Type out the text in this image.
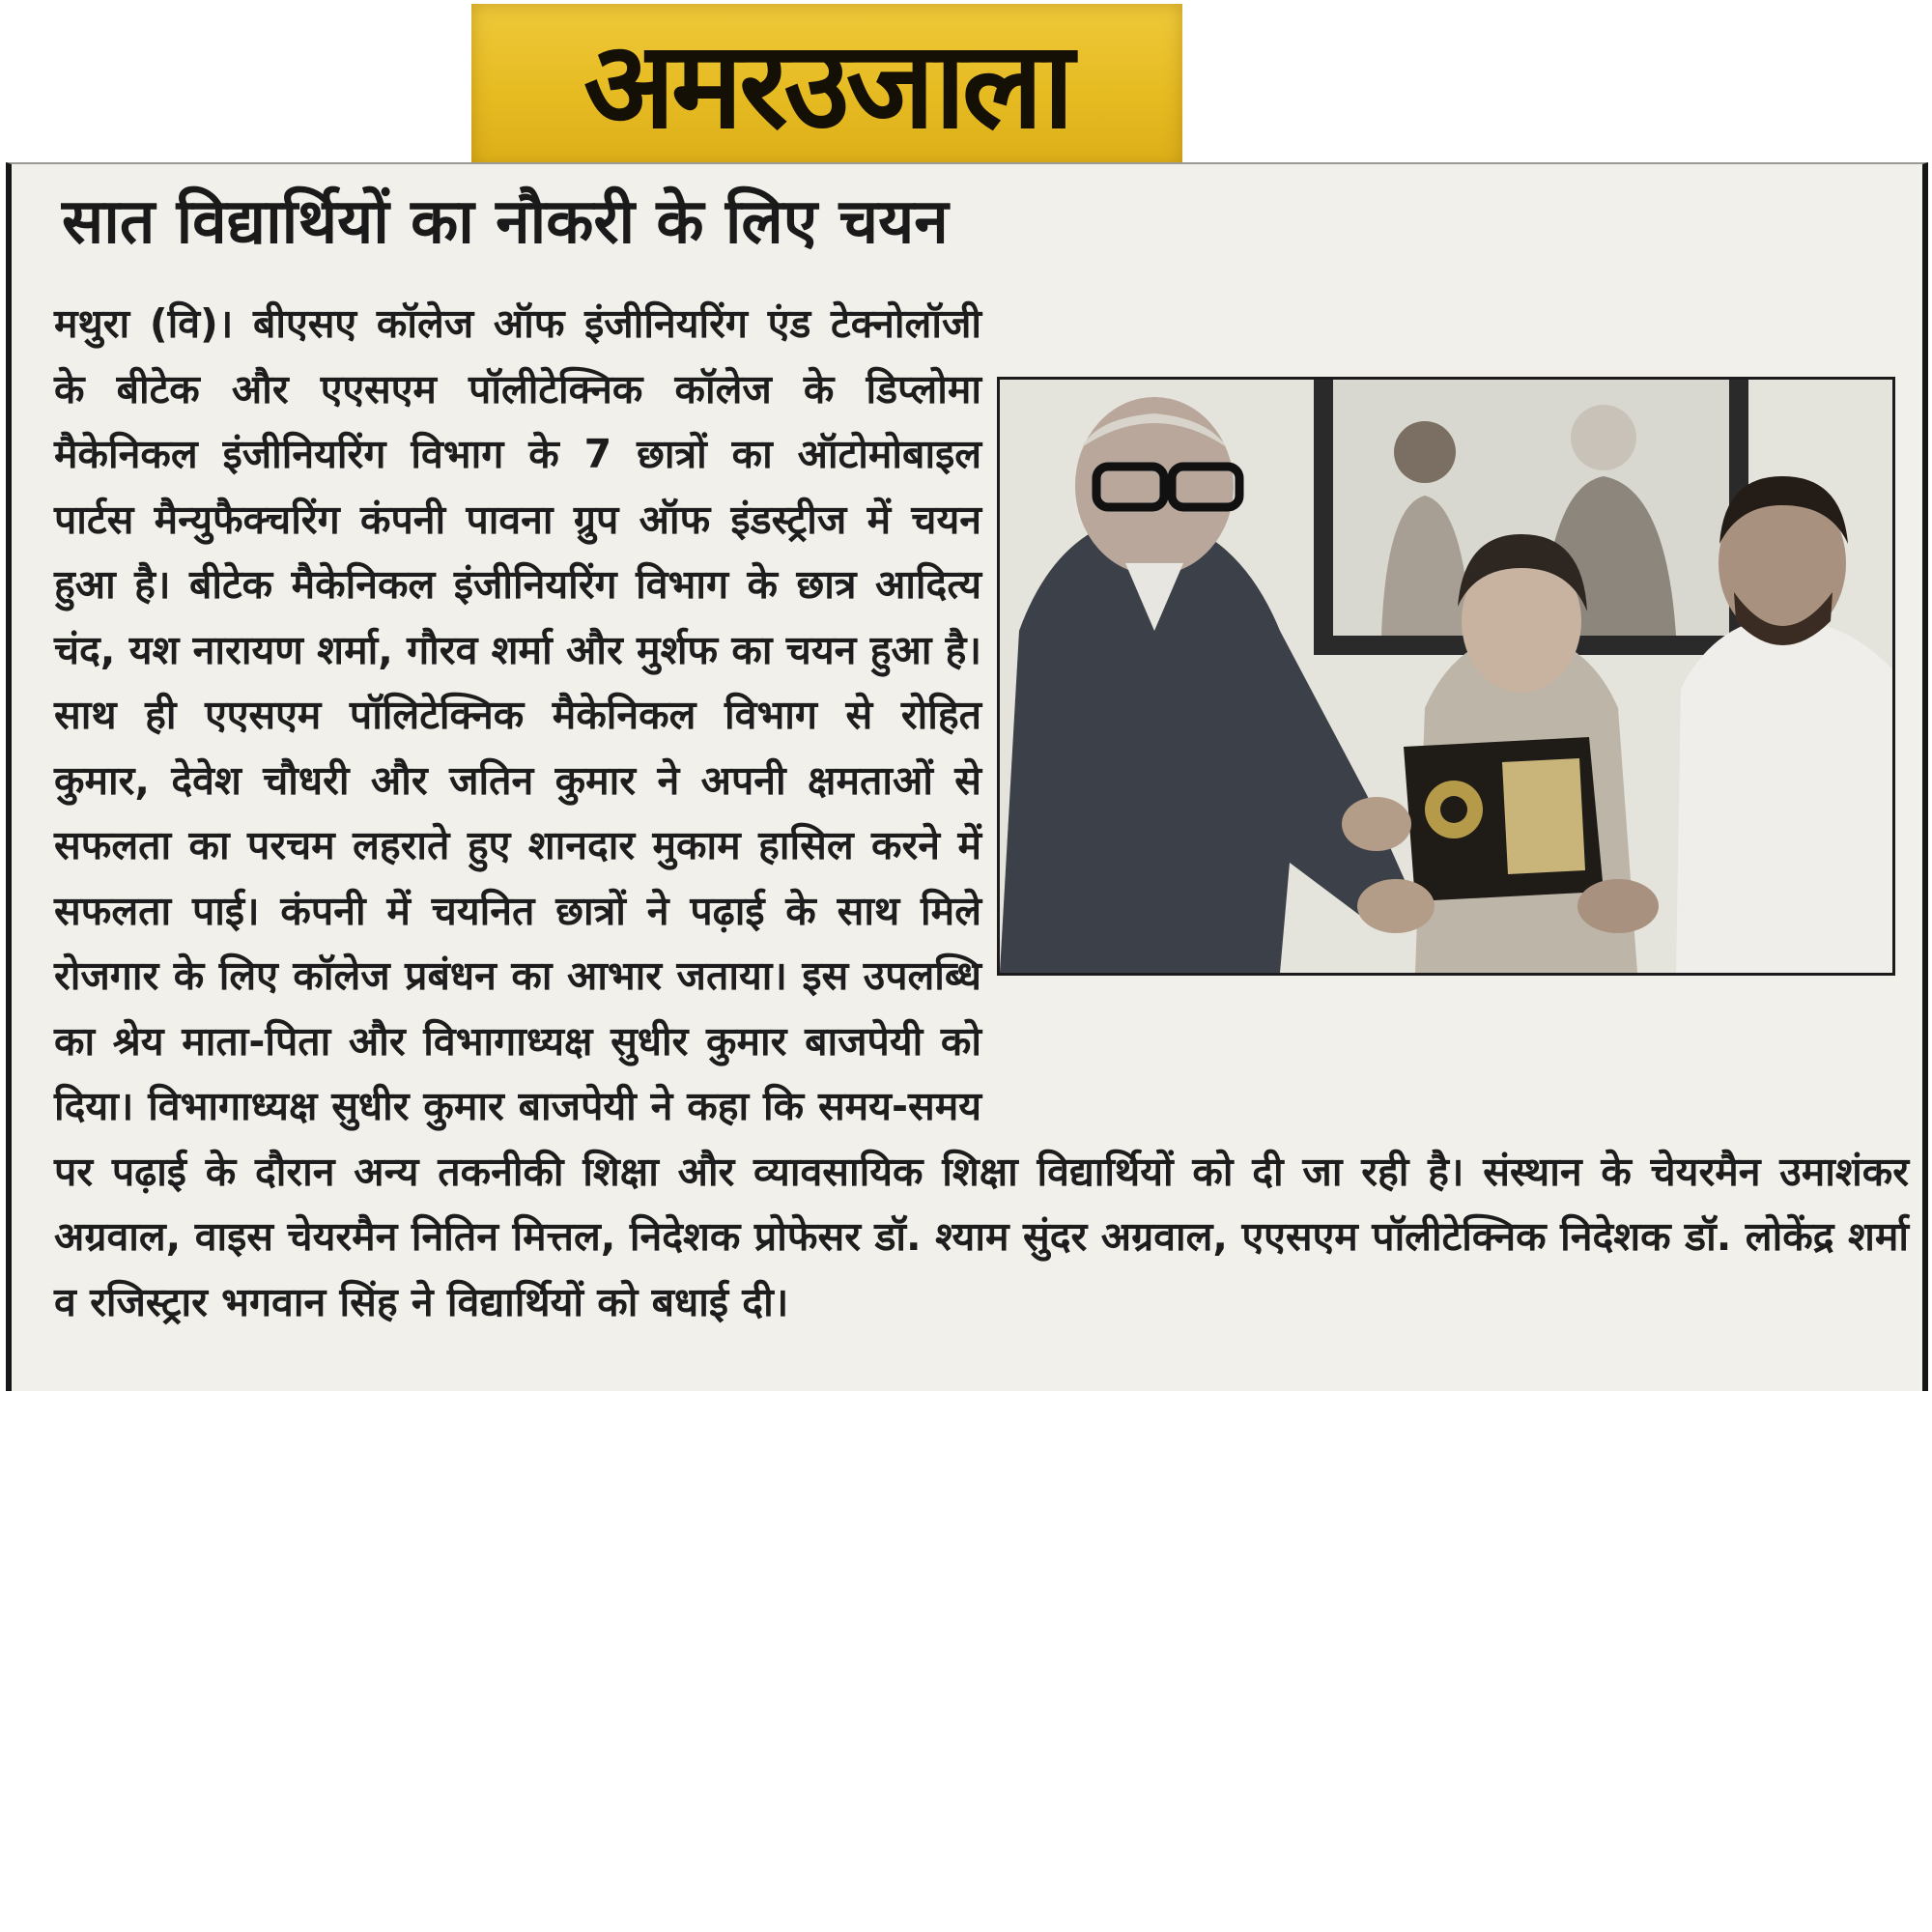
अमरउजाला
सात विद्यार्थियों का नौकरी के लिए चयन

मथुरा (वि)। बीएसए कॉलेज ऑफ इंजीनियरिंग एंड टेक्नोलॉजी के बीटेक और एएसएम पॉलीटेक्निक कॉलेज के डिप्लोमा मैकेनिकल इंजीनियरिंग विभाग के 7 छात्रों का ऑटोमोबाइल पार्टस मैन्युफैक्चरिंग कंपनी पावना ग्रुप ऑफ इंडस्ट्रीज में चयन हुआ है। बीटेक मैकेनिकल इंजीनियरिंग विभाग के छात्र आदित्य चंद, यश नारायण शर्मा, गौरव शर्मा और मुर्शफ का चयन हुआ है। साथ ही एएसएम पॉलिटेक्निक मैकेनिकल विभाग से रोहित कुमार, देवेश चौधरी और जतिन कुमार ने अपनी क्षमताओं से सफलता का परचम लहराते हुए शानदार मुकाम हासिल करने में सफलता पाई। कंपनी में चयनित छात्रों ने पढ़ाई के साथ मिले रोजगार के लिए कॉलेज प्रबंधन का आभार जताया। इस उपलब्धि का श्रेय माता-पिता और विभागाध्यक्ष सुधीर कुमार बाजपेयी को दिया। विभागाध्यक्ष सुधीर कुमार बाजपेयी ने कहा कि समय-समय पर पढ़ाई के दौरान अन्य तकनीकी शिक्षा और व्यावसायिक शिक्षा विद्यार्थियों को दी जा रही है। संस्थान के चेयरमैन उमाशंकर अग्रवाल, वाइस चेयरमैन नितिन मित्तल, निदेशक प्रोफेसर डॉ. श्याम सुंदर अग्रवाल, एएसएम पॉलीटेक्निक निदेशक डॉ. लोकेंद्र शर्मा व रजिस्ट्रार भगवान सिंह ने विद्यार्थियों को बधाई दी।
